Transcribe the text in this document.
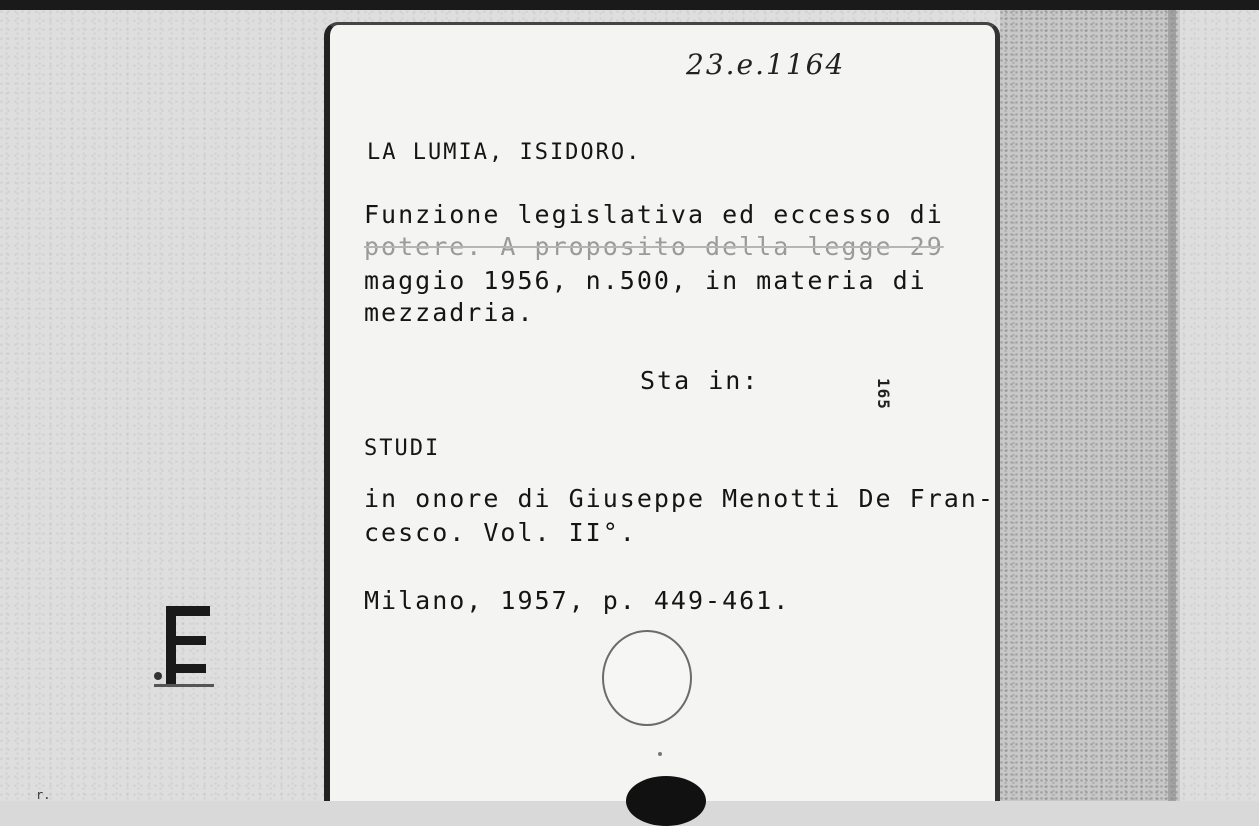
r.
23.e.1164
LA LUMIA, ISIDORO.
Funzione legislativa ed eccesso di
potere. A proposito della legge 29
maggio 1956, n.500, in materia di
mezzadria.
Sta in:	165
STUDI
in onore di Giuseppe Menotti De Fran-
cesco. Vol. II°.
Milano, 1957, p. 449-461.
